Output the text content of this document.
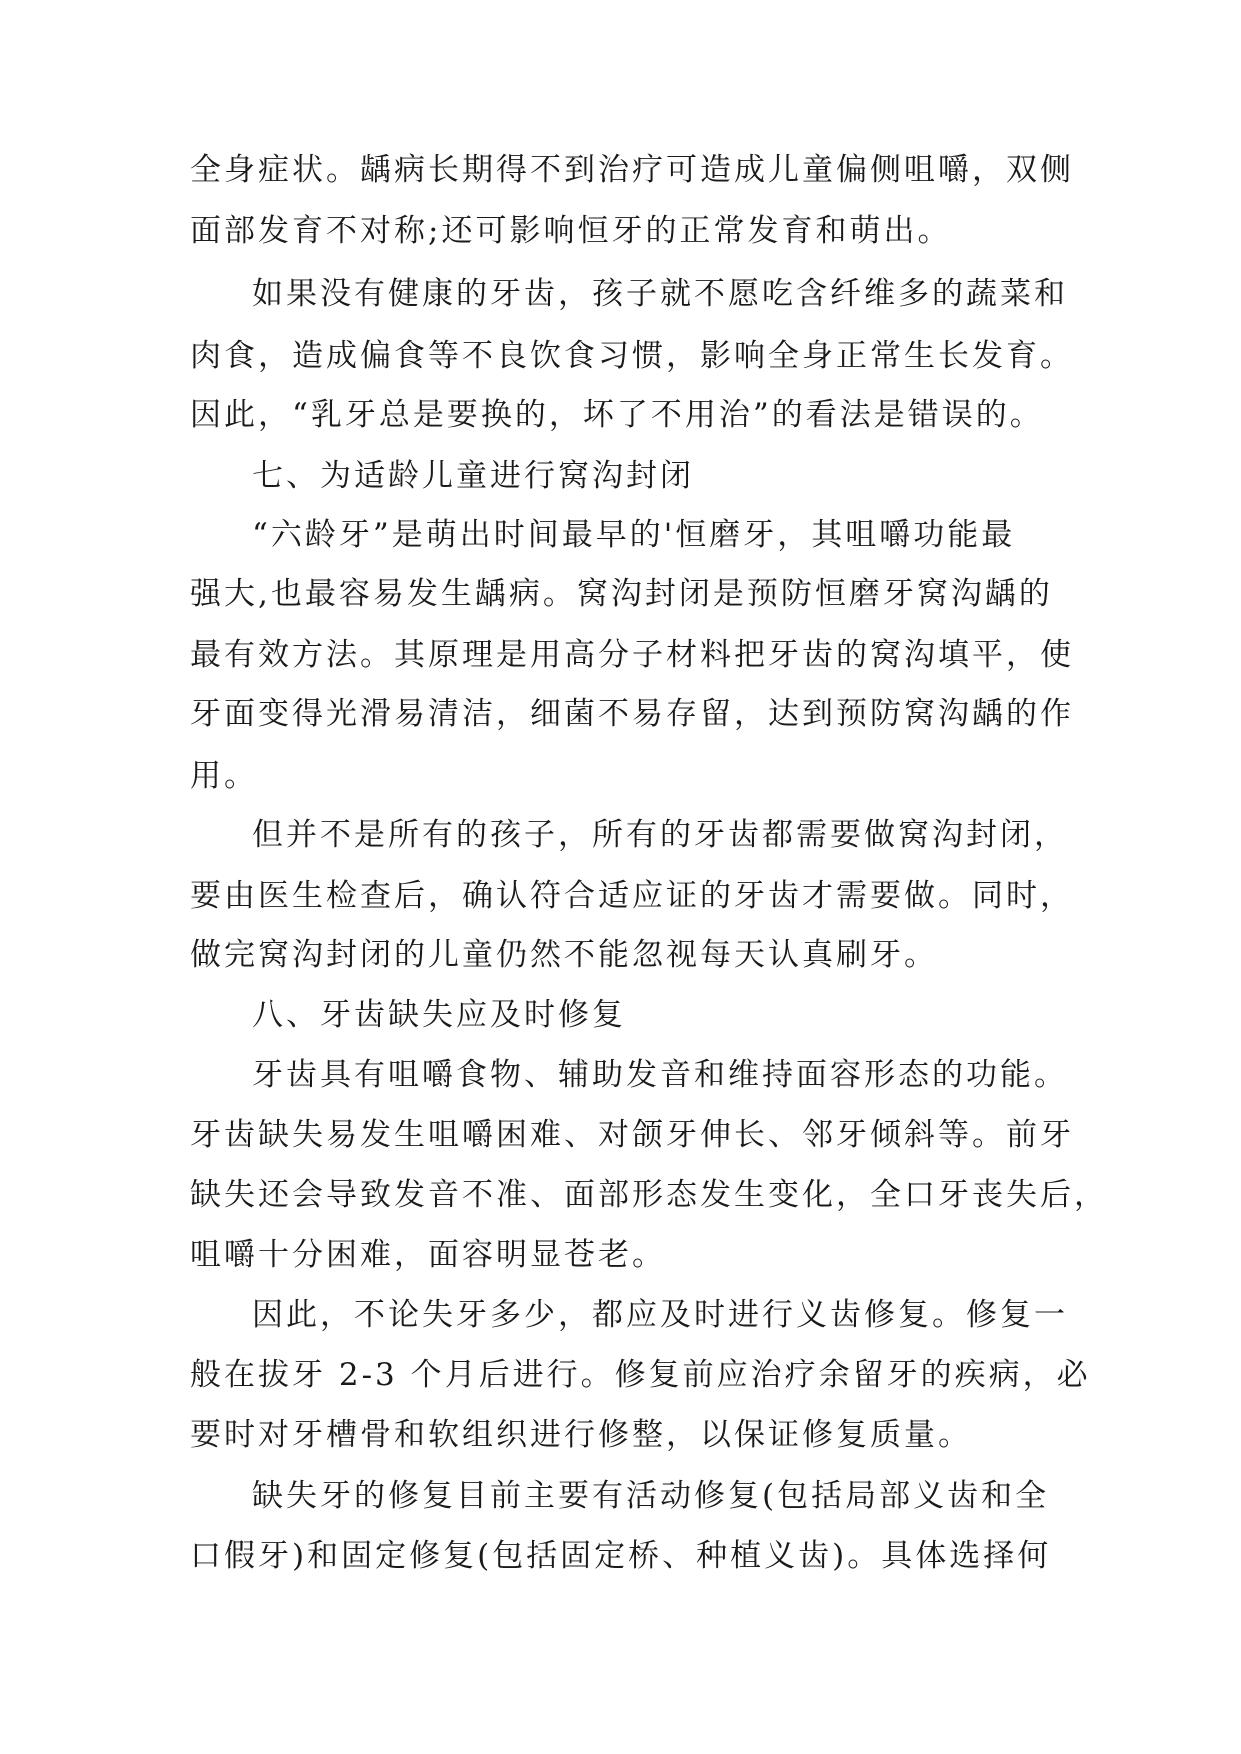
全身症状。龋病长期得不到治疗可造成儿童偏侧咀嚼，双侧
面部发育不对称;还可影响恒牙的正常发育和萌出。
如果没有健康的牙齿，孩子就不愿吃含纤维多的蔬菜和
肉食，造成偏食等不良饮食习惯，影响全身正常生长发育。
因此，“乳牙总是要换的，坏了不用治”的看法是错误的。
七、为适龄儿童进行窝沟封闭
“六龄牙”是萌出时间最早的'恒磨牙，其咀嚼功能最
强大,也最容易发生龋病。窝沟封闭是预防恒磨牙窝沟龋的
最有效方法。其原理是用高分子材料把牙齿的窝沟填平，使
牙面变得光滑易清洁，细菌不易存留，达到预防窝沟龋的作
用。
但并不是所有的孩子，所有的牙齿都需要做窝沟封闭，
要由医生检查后，确认符合适应证的牙齿才需要做。同时，
做完窝沟封闭的儿童仍然不能忽视每天认真刷牙。
八、牙齿缺失应及时修复
牙齿具有咀嚼食物、辅助发音和维持面容形态的功能。
牙齿缺失易发生咀嚼困难、对颌牙伸长、邻牙倾斜等。前牙
缺失还会导致发音不准、面部形态发生变化，全口牙丧失后，
咀嚼十分困难，面容明显苍老。
因此，不论失牙多少，都应及时进行义齿修复。修复一
般在拔牙 2-3 个月后进行。修复前应治疗余留牙的疾病，必
要时对牙槽骨和软组织进行修整，以保证修复质量。
缺失牙的修复目前主要有活动修复(包括局部义齿和全
口假牙)和固定修复(包括固定桥、种植义齿)。具体选择何
